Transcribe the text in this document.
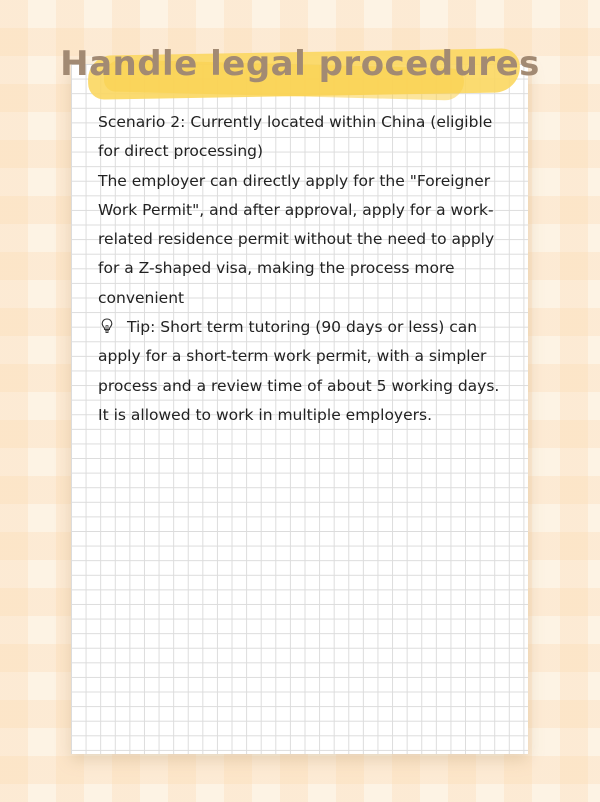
Handle legal procedures

Scenario 2: Currently located within China (eligible for direct processing)

The employer can directly apply for the "Foreigner Work Permit", and after approval, apply for a work-related residence permit without the need to apply for a Z-shaped visa, making the process more convenient

Tip: Short term tutoring (90 days or less) can apply for a short-term work permit, with a simpler process and a review time of about 5 working days. It is allowed to work in multiple employers.
